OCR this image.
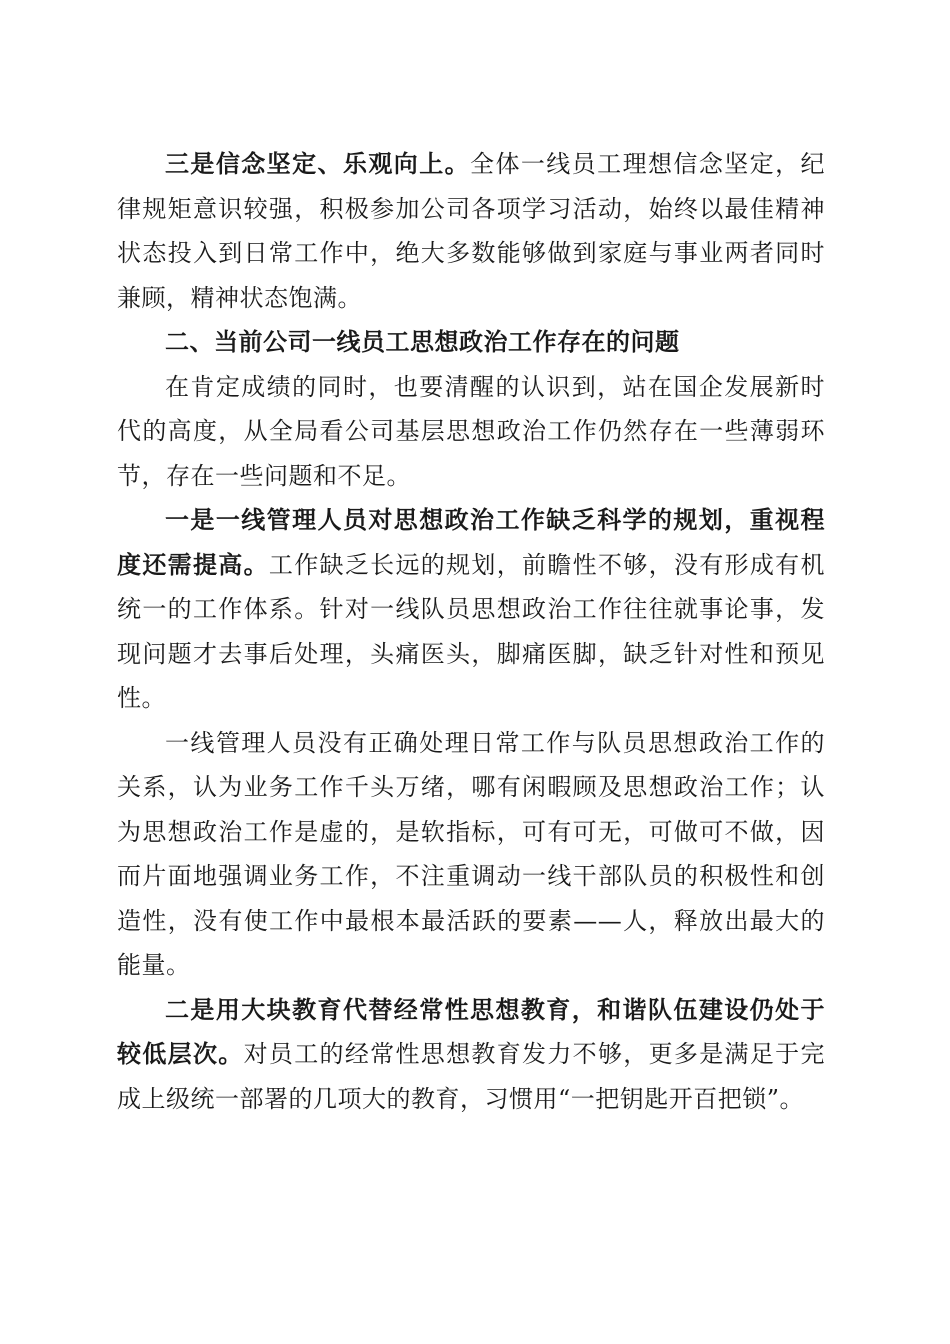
三是信念坚定、乐观向上。全体一线员工理想信念坚定，纪律规矩意识较强，积极参加公司各项学习活动，始终以最佳精神状态投入到日常工作中，绝大多数能够做到家庭与事业两者同时兼顾，精神状态饱满。

二、当前公司一线员工思想政治工作存在的问题

在肯定成绩的同时，也要清醒的认识到，站在国企发展新时代的高度，从全局看公司基层思想政治工作仍然存在一些薄弱环节，存在一些问题和不足。

一是一线管理人员对思想政治工作缺乏科学的规划，重视程度还需提高。工作缺乏长远的规划，前瞻性不够，没有形成有机统一的工作体系。针对一线队员思想政治工作往往就事论事，发现问题才去事后处理，头痛医头，脚痛医脚，缺乏针对性和预见性。

一线管理人员没有正确处理日常工作与队员思想政治工作的关系，认为业务工作千头万绪，哪有闲暇顾及思想政治工作；认为思想政治工作是虚的，是软指标，可有可无，可做可不做，因而片面地强调业务工作，不注重调动一线干部队员的积极性和创造性，没有使工作中最根本最活跃的要素——人，释放出最大的能量。

二是用大块教育代替经常性思想教育，和谐队伍建设仍处于较低层次。对员工的经常性思想教育发力不够，更多是满足于完成上级统一部署的几项大的教育，习惯用“一把钥匙开百把锁”。
